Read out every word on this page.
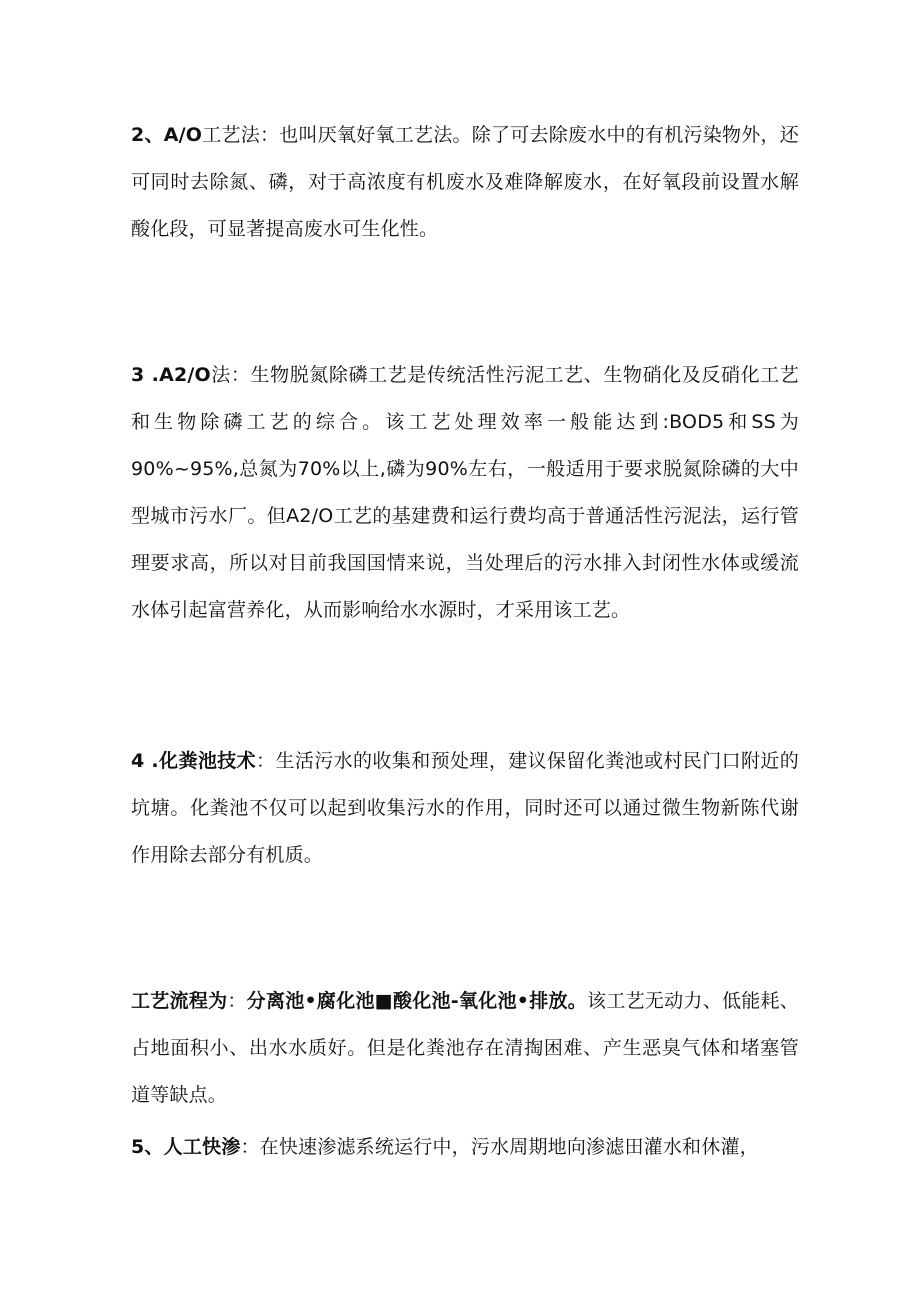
2、A/O工艺法：也叫厌氧好氧工艺法。除了可去除废水中的有机污染物外，还可同时去除氮、磷，对于高浓度有机废水及难降解废水，在好氧段前设置水解酸化段，可显著提高废水可生化性。

3 .A2/O法：生物脱氮除磷工艺是传统活性污泥工艺、生物硝化及反硝化工艺和生物除磷工艺的综合。该工艺处理效率一般能达到:BOD5和SS为90%~95%,总氮为70%以上,磷为90%左右，一般适用于要求脱氮除磷的大中型城市污水厂。但A2/O工艺的基建费和运行费均高于普通活性污泥法，运行管理要求高，所以对目前我国国情来说，当处理后的污水排入封闭性水体或缓流水体引起富营养化，从而影响给水水源时，才采用该工艺。

4 .化粪池技术：生活污水的收集和预处理，建议保留化粪池或村民门口附近的坑塘。化粪池不仅可以起到收集污水的作用，同时还可以通过微生物新陈代谢作用除去部分有机质。

工艺流程为：分离池•腐化池■酸化池-氧化池•排放。该工艺无动力、低能耗、占地面积小、出水水质好。但是化粪池存在清掏困难、产生恶臭气体和堵塞管道等缺点。

5、人工快渗：在快速渗滤系统运行中，污水周期地向渗滤田灌水和休灌，
